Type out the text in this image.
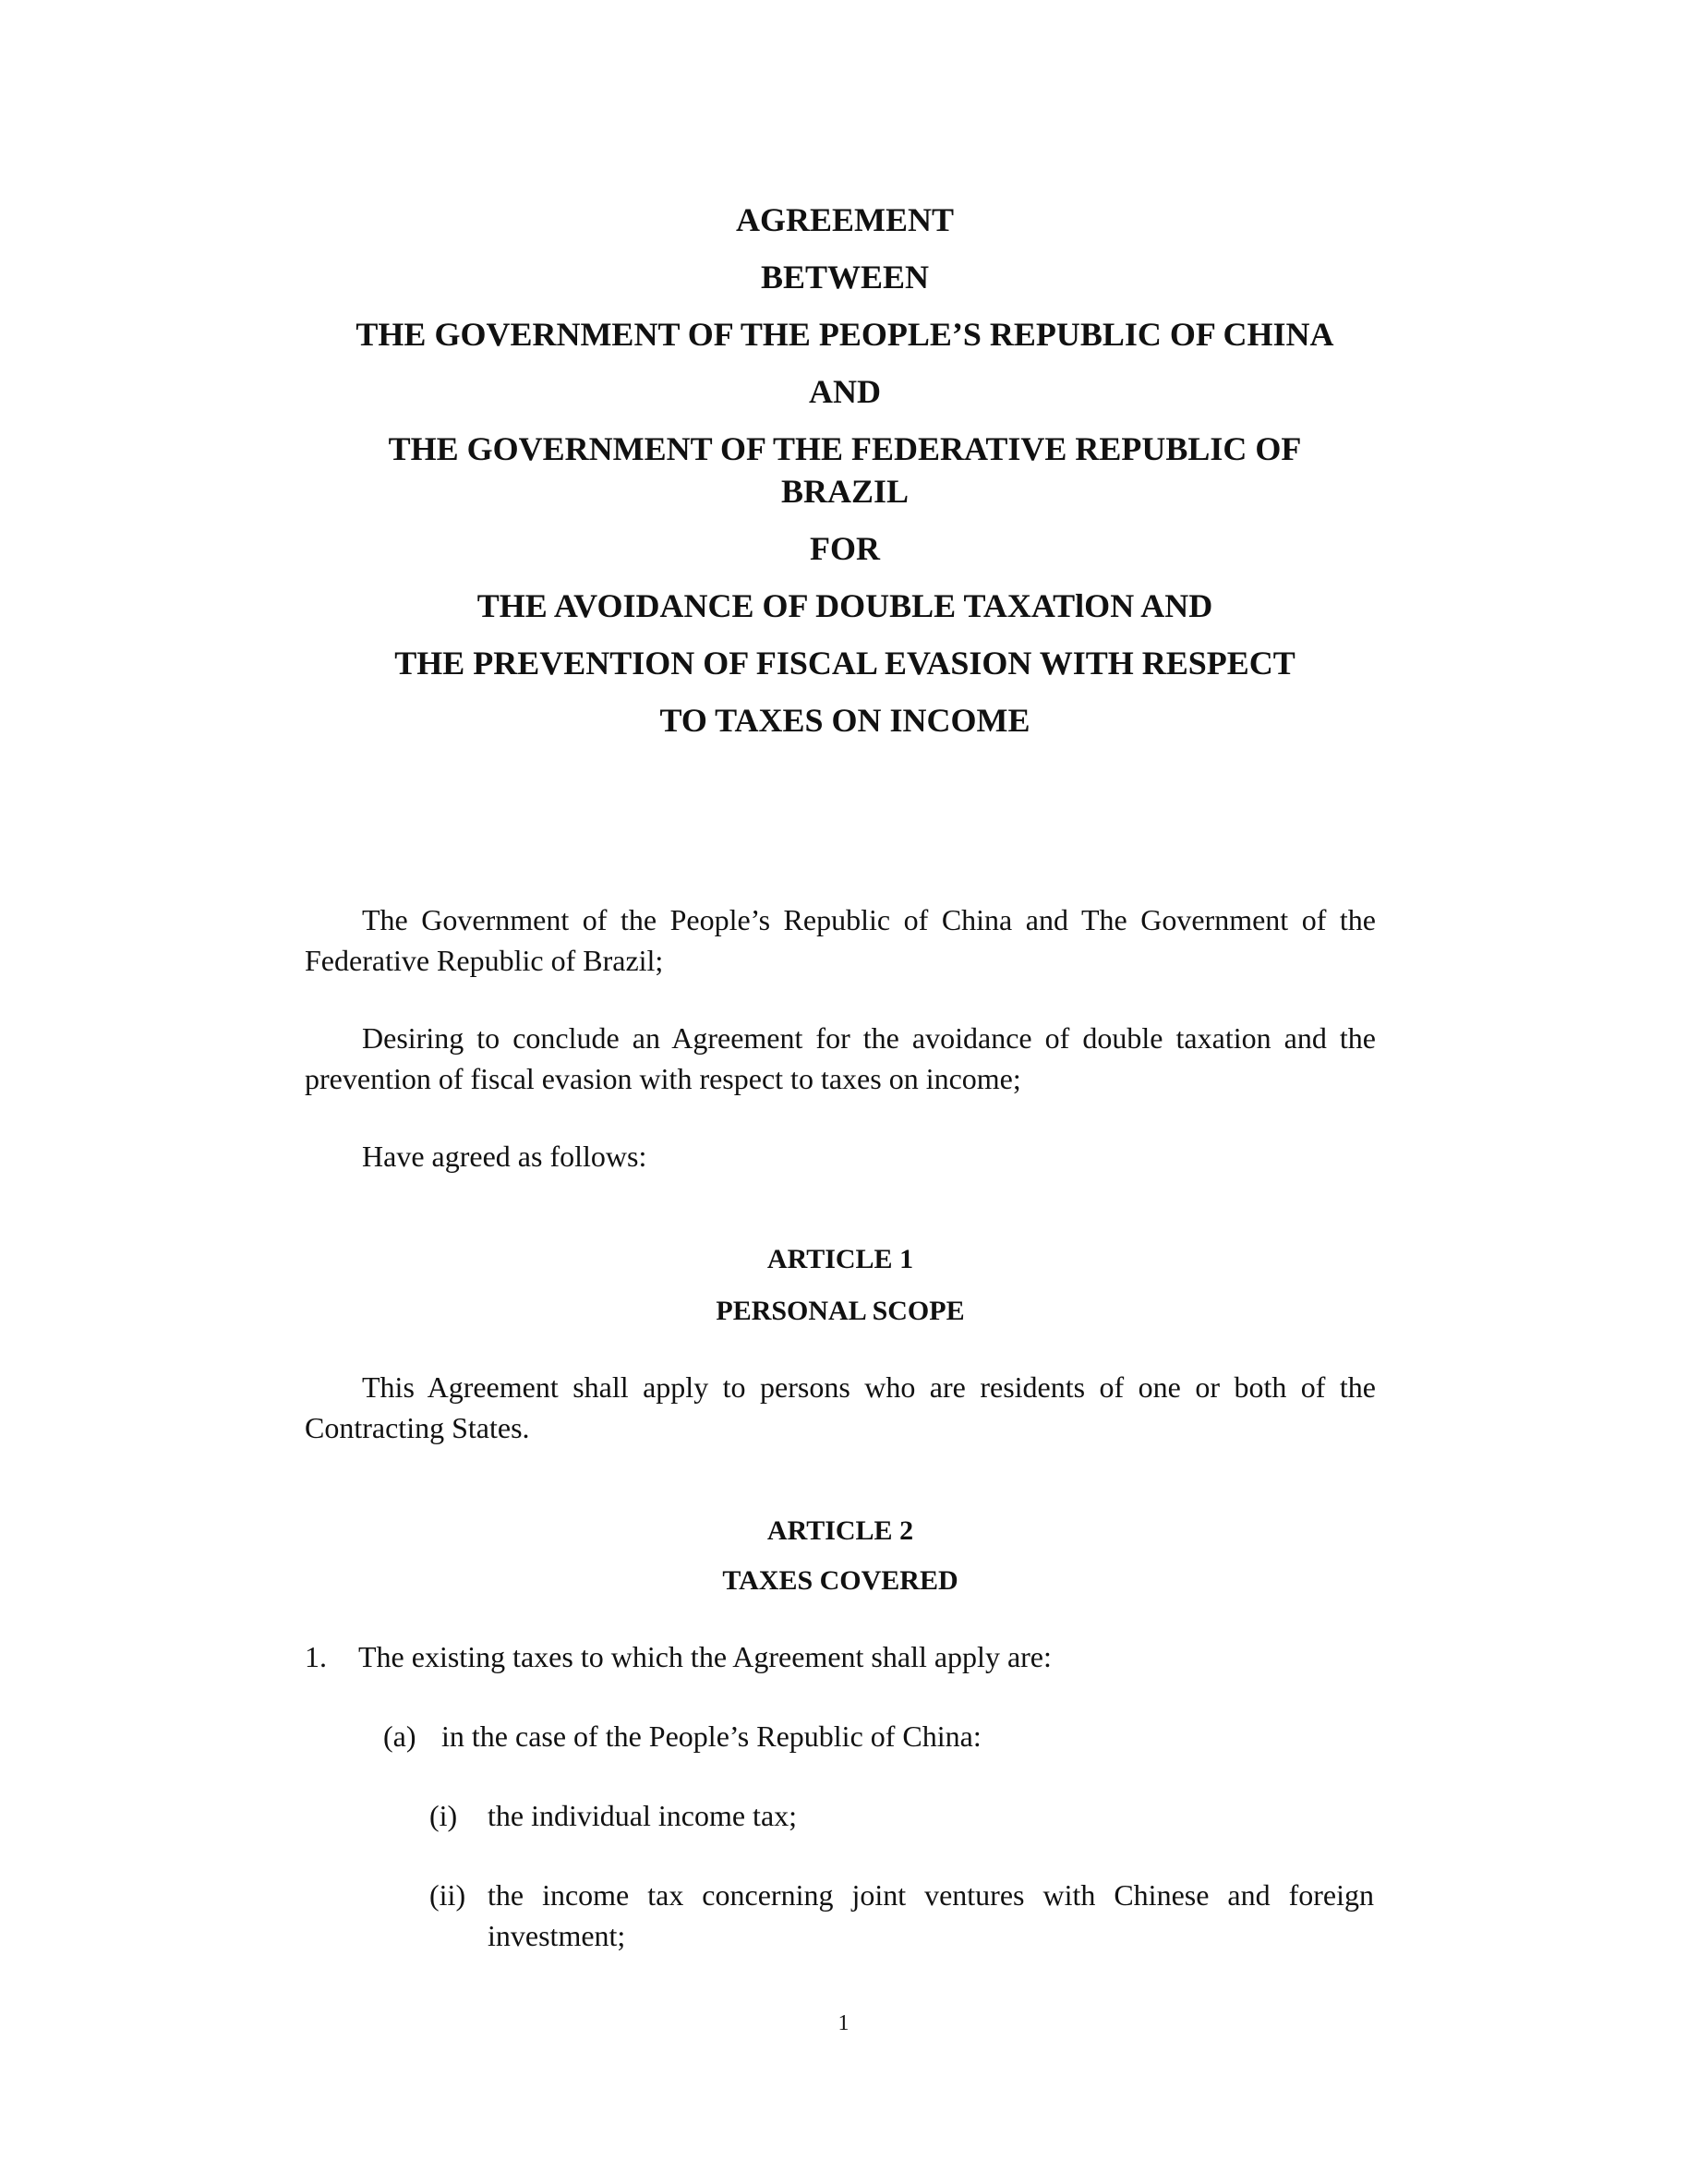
AGREEMENT
BETWEEN
THE GOVERNMENT OF THE PEOPLE’S REPUBLIC OF CHINA
AND
THE GOVERNMENT OF THE FEDERATIVE REPUBLIC OF BRAZIL
FOR
THE AVOIDANCE OF DOUBLE TAXATlON AND
THE PREVENTION OF FISCAL EVASION WITH RESPECT
TO TAXES ON INCOME
The Government of the People’s Republic of China and The Government of the Federative Republic of Brazil;
Desiring to conclude an Agreement for the avoidance of double taxation and the prevention of fiscal evasion with respect to taxes on income;
Have agreed as follows:
ARTICLE 1
PERSONAL SCOPE
This Agreement shall apply to persons who are residents of one or both of the Contracting States.
ARTICLE 2
TAXES COVERED
1. The existing taxes to which the Agreement shall apply are:
(a) in the case of the People’s Republic of China:
(i) the individual income tax;
(ii) the income tax concerning joint ventures with Chinese and foreign investment;
1
